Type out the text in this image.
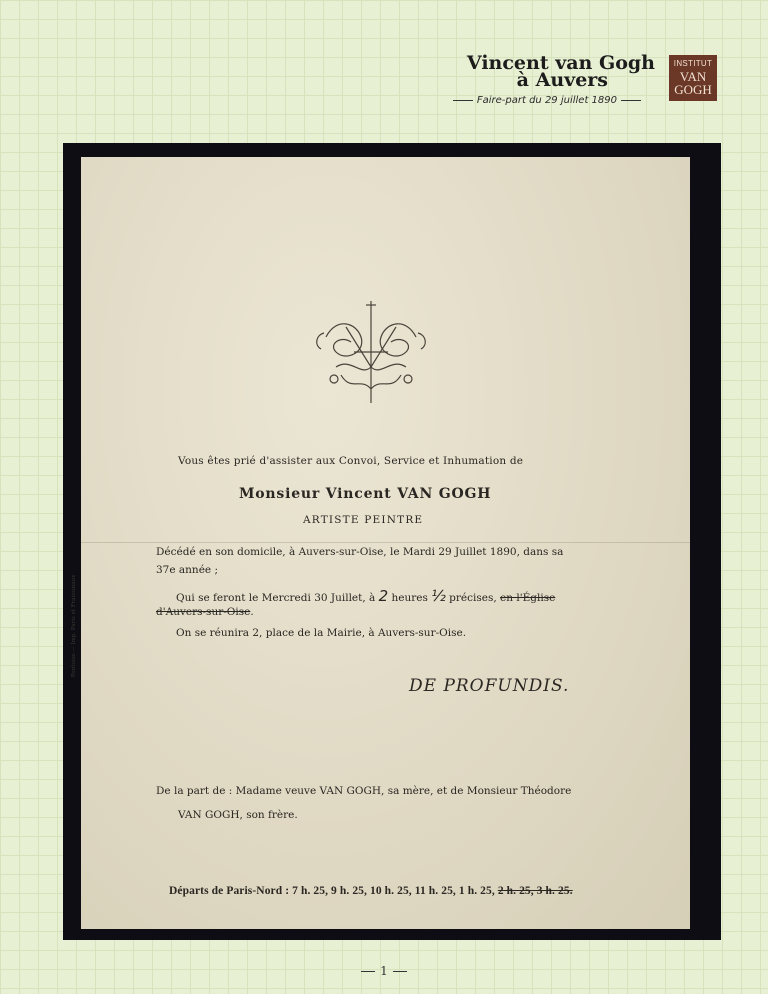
Vincent van Gogh
à Auvers
Faire-part du 29 juillet 1890
INSTITUT
VAN
GOGH
Vous êtes prié d'assister aux Convoi, Service et Inhumation de
Monsieur Vincent VAN GOGH
ARTISTE PEINTRE
Décédé en son domicile, à Auvers-sur-Oise, le Mardi 29 Juillet 1890, dans sa
37e année ;
Qui se feront le Mercredi 30 Juillet, à 2 heures ½ précises, en l'Église
d'Auvers-sur-Oise.
On se réunira 2, place de la Mairie, à Auvers-sur-Oise.
DE PROFUNDIS.
De la part de : Madame veuve VAN GOGH, sa mère, et de Monsieur Théodore
VAN GOGH, son frère.
Départs de Paris-Nord : 7 h. 25, 9 h. 25, 10 h. 25, 11 h. 25, 1 h. 25, 2 h. 25, 3 h. 25.
Pontoise.— Imp. Paris et Fraissinaux
1
